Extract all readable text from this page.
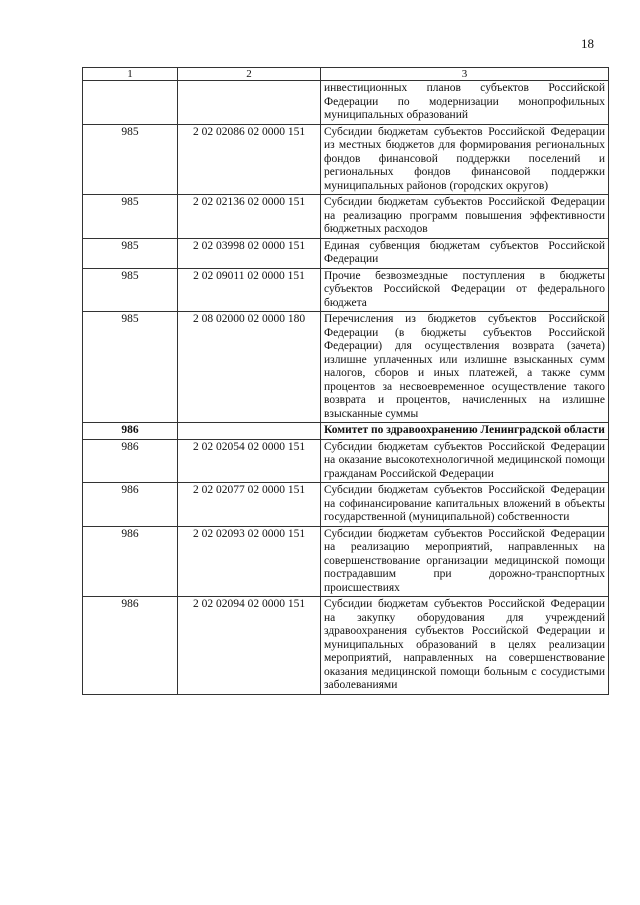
18
1	2	3
		инвестиционных планов субъектов Российской Федерации по модернизации монопрофильных муниципальных образований
985	2 02 02086 02 0000 151	Субсидии бюджетам субъектов Российской Федерации из местных бюджетов для формирования региональных фондов финансовой поддержки поселений и региональных фондов финансовой поддержки муниципальных районов (городских округов)
985	2 02 02136 02 0000 151	Субсидии бюджетам субъектов Российской Федерации на реализацию программ повышения эффективности бюджетных расходов
985	2 02 03998 02 0000 151	Единая субвенция бюджетам субъектов Российской Федерации
985	2 02 09011 02 0000 151	Прочие безвозмездные поступления в бюджеты субъектов Российской Федерации от федерального бюджета
985	2 08 02000 02 0000 180	Перечисления из бюджетов субъектов Российской Федерации (в бюджеты субъектов Российской Федерации) для осуществления возврата (зачета) излишне уплаченных или излишне взысканных сумм налогов, сборов и иных платежей, а также сумм процентов за несвоевременное осуществление такого возврата и процентов, начисленных на излишне взысканные суммы
986		Комитет по здравоохранению Ленинградской области
986	2 02 02054 02 0000 151	Субсидии бюджетам субъектов Российской Федерации на оказание высокотехнологичной медицинской помощи гражданам Российской Федерации
986	2 02 02077 02 0000 151	Субсидии бюджетам субъектов Российской Федерации на софинансирование капитальных вложений в объекты государственной (муниципальной) собственности
986	2 02 02093 02 0000 151	Субсидии бюджетам субъектов Российской Федерации на реализацию мероприятий, направленных на совершенствование организации медицинской помощи пострадавшим при дорожно-транспортных происшествиях
986	2 02 02094 02 0000 151	Субсидии бюджетам субъектов Российской Федерации на закупку оборудования для учреждений здравоохранения субъектов Российской Федерации и муниципальных образований в целях реализации мероприятий, направленных на совершенствование оказания медицинской помощи больным с сосудистыми заболеваниями
